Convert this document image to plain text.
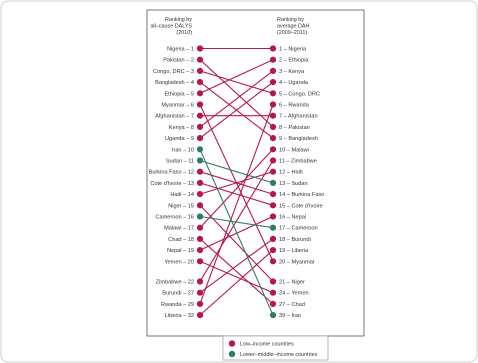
Ranking by
all–cause DALYS
(2010)
Ranking by
average DAH
(2009–2011)
Nigeria – 1
Pakistan – 2
Congo, DRC – 3
Bangladesh – 4
Ethiopia – 5
Myanmar – 6
Afghanistan – 7
Kenya – 8
Uganda – 9
Iran – 10
Sudan – 11
Burkina Faso – 12
Cote d'Ivoire – 13
Haiti – 14
Niger – 15
Cameroon – 16
Malawi – 17
Chad – 18
Nepal – 19
Yemen – 20
Zimbabwe – 22
Burundi – 27
Rwanda – 29
Liberia – 32
1 – Nigeria
2 – Ethiopia
3 – Kenya
4 – Uganda
5 – Congo, DRC
6 – Rwanda
7 – Afghanistan
8 – Pakistan
9 – Bangladesh
10 – Malawi
11 – Zimbabwe
12 – Haiti
13 – Sudan
14 – Burkina Faso
15 – Cote d'Ivoire
16 – Nepal
17 – Cameroon
18 – Burundi
19 – Liberia
20 – Myanmar
21 – Niger
24 – Yemen
27 – Chad
39 – Iran
Low–income countries
Lower–middle–income countries
